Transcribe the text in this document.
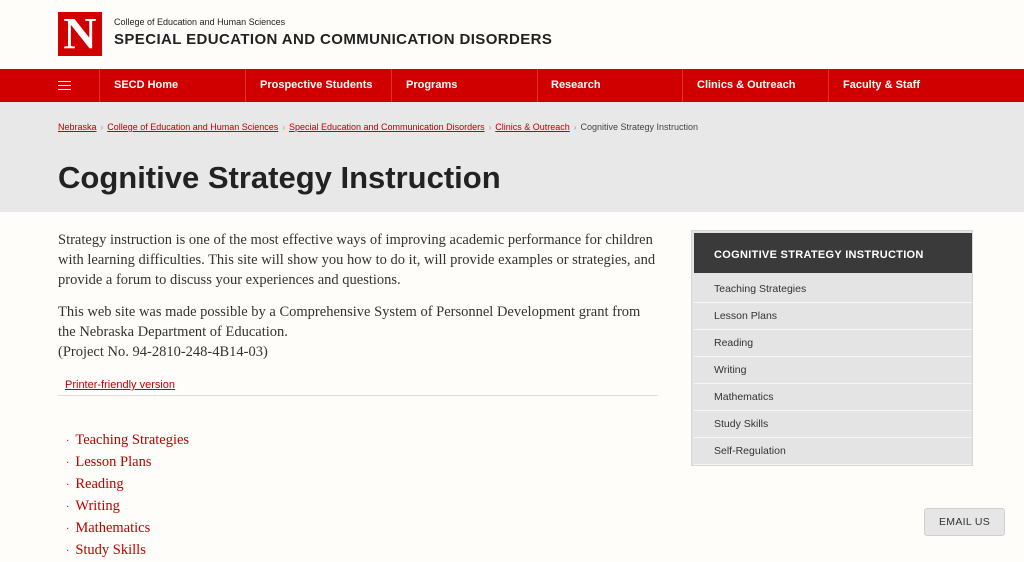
N	College of Education and Human Sciences
SPECIAL EDUCATION AND COMMUNICATION DISORDERS
SECD Home	Prospective Students	Programs	Research	Clinics & Outreach	Faculty & Staff
Nebraska › College of Education and Human Sciences › Special Education and Communication Disorders › Clinics & Outreach › Cognitive Strategy Instruction
Cognitive Strategy Instruction

Strategy instruction is one of the most effective ways of improving academic performance for children with learning difficulties. This site will show you how to do it, will provide examples or strategies, and provide a forum to discuss your experiences and questions.

This web site was made possible by a Comprehensive System of Personnel Development grant from the Nebraska Department of Education.
(Project No. 94-2810-248-4B14-03)

Printer-friendly version
· Teaching Strategies
· Lesson Plans
· Reading
· Writing
· Mathematics
· Study Skills
COGNITIVE STRATEGY INSTRUCTION
Teaching Strategies
Lesson Plans
Reading
Writing
Mathematics
Study Skills
Self-Regulation
EMAIL US
